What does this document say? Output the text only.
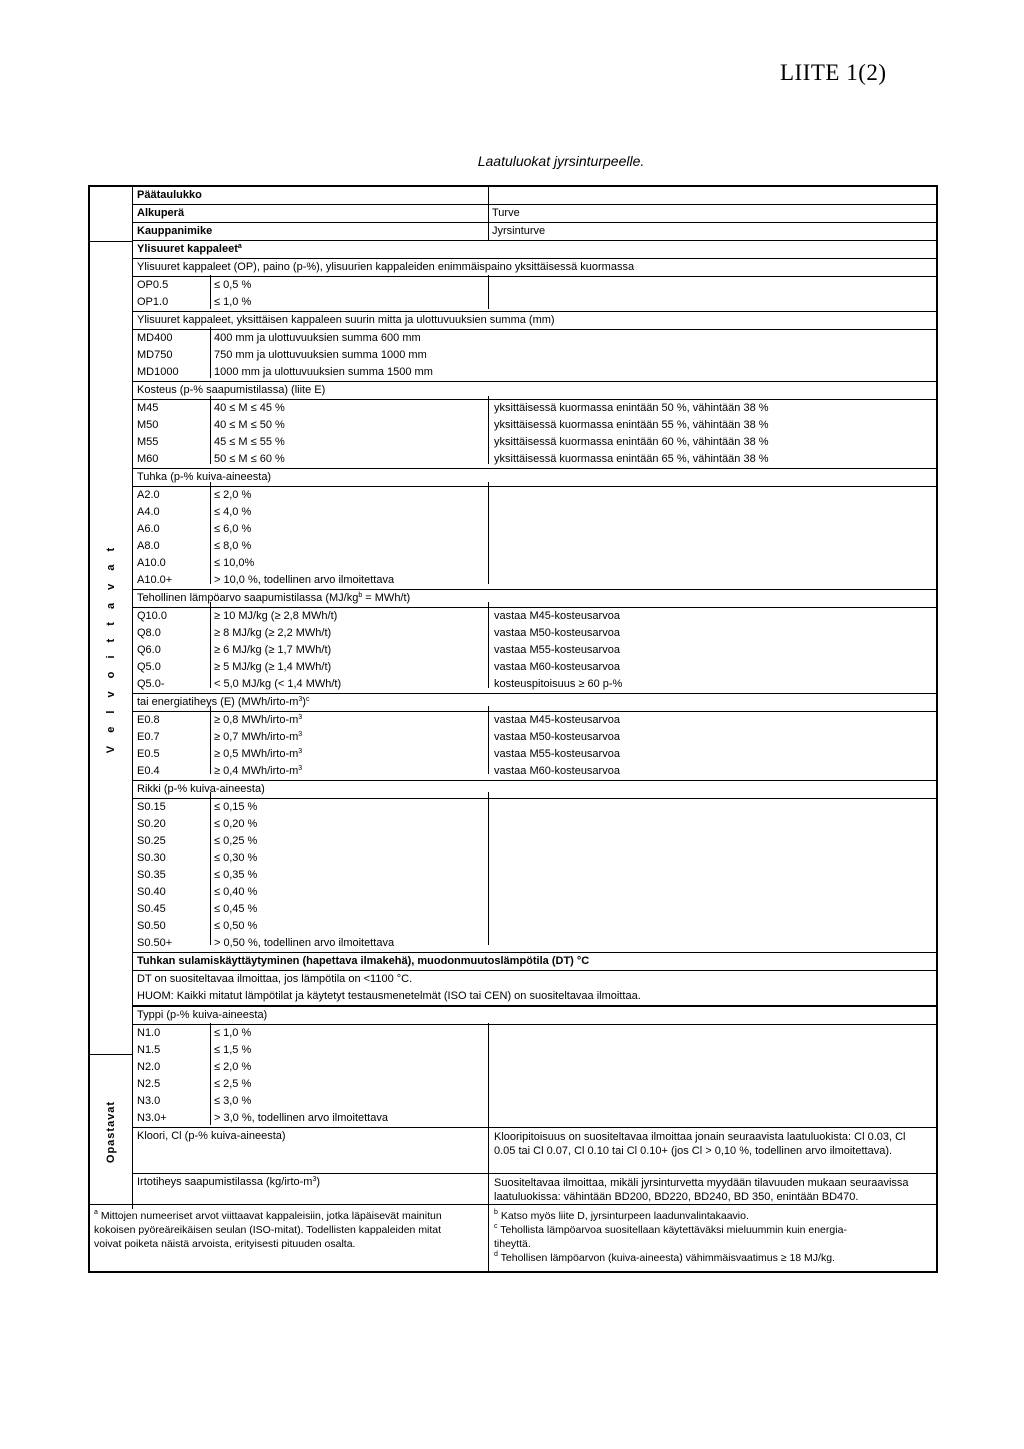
LIITE 1(2)
Laatuluokat jyrsinturpeelle.
V e l v o i t t a v a t
Opastavat
Päätaulukko
Alkuperä	Turve
Kauppanimike	Jyrsinturve
Ylisuuret kappaleet$^a$
Ylisuuret kappaleet (OP), paino (p-%), ylisuurien kappaleiden enimmäispaino yksittäisessä kuormassa
OP0.5	≤ 0,5 %
OP1.0	≤ 1,0 %
Ylisuuret kappaleet, yksittäisen kappaleen suurin mitta ja ulottuvuuksien summa (mm)
MD400	400 mm ja ulottuvuuksien summa 600 mm
MD750	750 mm ja ulottuvuuksien summa 1000 mm
MD1000	1000 mm ja ulottuvuuksien summa 1500 mm
Kosteus (p-% saapumistilassa) (liite E)
M45	40 ≤ M ≤ 45 %	yksittäisessä kuormassa enintään 50 %, vähintään 38 %
M50	40 ≤ M ≤ 50 %	yksittäisessä kuormassa enintään 55 %, vähintään 38 %
M55	45 ≤ M ≤ 55 %	yksittäisessä kuormassa enintään 60 %, vähintään 38 %
M60	50 ≤ M ≤ 60 %	yksittäisessä kuormassa enintään 65 %, vähintään 38 %
Tuhka (p-% kuiva-aineesta)
A2.0	≤ 2,0 %
A4.0	≤ 4,0 %
A6.0	≤ 6,0 %
A8.0	≤ 8,0 %
A10.0	≤ 10,0%
A10.0+	> 10,0 %, todellinen arvo ilmoitettava
Tehollinen lämpöarvo saapumistilassa $(MJ/kg^b = MWh/t)$
Q10.0	≥ 10 MJ/kg (≥ 2,8 MWh/t)	vastaa M45-kosteusarvoa
Q8.0	≥ 8 MJ/kg (≥ 2,2 MWh/t)	vastaa M50-kosteusarvoa
Q6.0	≥ 6 MJ/kg (≥ 1,7 MWh/t)	vastaa M55-kosteusarvoa
Q5.0	≥ 5 MJ/kg (≥ 1,4 MWh/t)	vastaa M60-kosteusarvoa
Q5.0-	< 5,0 MJ/kg (< 1,4 MWh/t)	kosteuspitoisuus ≥ 60 p-%
tai energiatiheys (E) $(MWh/irto-m^3)^c$
E0.8	≥ 0,8 MWh/$irto-m^3$	vastaa M45-kosteusarvoa
E0.7	≥ 0,7 MWh/$irto-m^3$	vastaa M50-kosteusarvoa
E0.5	≥ 0,5 MWh/$irto-m^3$	vastaa M55-kosteusarvoa
E0.4	≥ 0,4 MWh/$irto-m^3$	vastaa M60-kosteusarvoa
Rikki (p-% kuiva-aineesta)
S0.15	≤ 0,15 %
S0.20	≤ 0,20 %
S0.25	≤ 0,25 %
S0.30	≤ 0,30 %
S0.35	≤ 0,35 %
S0.40	≤ 0,40 %
S0.45	≤ 0,45 %
S0.50	≤ 0,50 %
S0.50+	> 0,50 %, todellinen arvo ilmoitettava
Tuhkan sulamiskäyttäytyminen (hapettava ilmakehä), muodonmuutoslämpötila (DT) °C
DT on suositeltavaa ilmoittaa, jos lämpötila on <1100 °C.
HUOM: Kaikki mitatut lämpötilat ja käytetyt testausmenetelmät (ISO tai CEN) on suositeltavaa ilmoittaa.
Typpi (p-% kuiva-aineesta)
N1.0	≤ 1,0 %
N1.5	≤ 1,5 %
N2.0	≤ 2,0 %
N2.5	≤ 2,5 %
N3.0	≤ 3,0 %
N3.0+	> 3,0 %, todellinen arvo ilmoitettava
Kloori, Cl (p-% kuiva-aineesta)	Klooripitoisuus on suositeltavaa ilmoittaa jonain seuraavista laatuluokista: Cl 0.03, Cl 0.05 tai Cl 0.07, Cl 0.10 tai Cl 0.10+ (jos Cl > 0,10 %, todellinen arvo ilmoitettava).
Irtotiheys saapumistilassa $(kg/irto-m^3)$	Suositeltavaa ilmoittaa, mikäli jyrsinturvetta myydään tilavuuden mukaan seuraavissa laatuluokissa: vähintään BD200, BD220, BD240, BD 350, enintään BD470.
$^a$ Mittojen numeeriset arvot viittaavat kappaleisiin, jotka läpäisevät mainitun kokoisen pyöreäreikäisen seulan (ISO-mitat). Todellisten kappaleiden mitat voivat poiketa näistä arvoista, erityisesti pituuden osalta.
$^b$ Katso myös liite D, jyrsinturpeen laadunvalintakaavio.
$^c$ Tehollista lämpöarvoa suositellaan käytettäväksi mieluummin kuin energia-
tiheyttä.
$^d$ Tehollisen lämpöarvon (kuiva-aineesta) vähimmäisvaatimus ≥ 18 MJ/kg.
